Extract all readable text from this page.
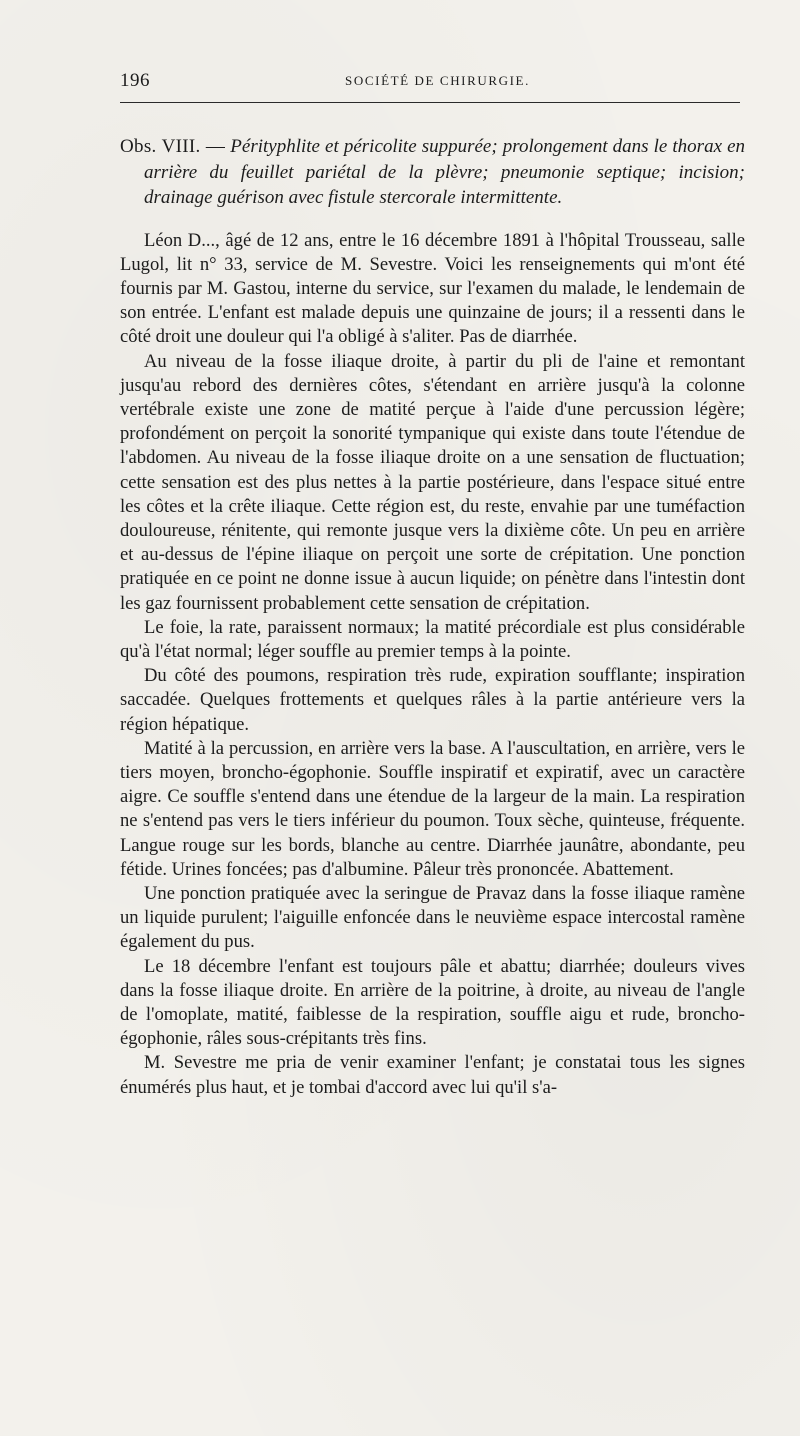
196	SOCIÉTÉ DE CHIRURGIE.
Obs. VIII. — Pérityphlite et péricolite suppurée; prolongement dans le thorax en arrière du feuillet pariétal de la plèvre; pneumonie septique; incision; drainage guérison avec fistule stercorale intermittente.

Léon D..., âgé de 12 ans, entre le 16 décembre 1891 à l'hôpital Trousseau, salle Lugol, lit n° 33, service de M. Sevestre. Voici les renseignements qui m'ont été fournis par M. Gastou, interne du service, sur l'examen du malade, le lendemain de son entrée. L'enfant est malade depuis une quinzaine de jours; il a ressenti dans le côté droit une douleur qui l'a obligé à s'aliter. Pas de diarrhée.

Au niveau de la fosse iliaque droite, à partir du pli de l'aine et remontant jusqu'au rebord des dernières côtes, s'étendant en arrière jusqu'à la colonne vertébrale existe une zone de matité perçue à l'aide d'une percussion légère; profondément on perçoit la sonorité tympanique qui existe dans toute l'étendue de l'abdomen. Au niveau de la fosse iliaque droite on a une sensation de fluctuation; cette sensation est des plus nettes à la partie postérieure, dans l'espace situé entre les côtes et la crête iliaque. Cette région est, du reste, envahie par une tuméfaction douloureuse, rénitente, qui remonte jusque vers la dixième côte. Un peu en arrière et au-dessus de l'épine iliaque on perçoit une sorte de crépitation. Une ponction pratiquée en ce point ne donne issue à aucun liquide; on pénètre dans l'intestin dont les gaz fournissent probablement cette sensation de crépitation.

Le foie, la rate, paraissent normaux; la matité précordiale est plus considérable qu'à l'état normal; léger souffle au premier temps à la pointe.

Du côté des poumons, respiration très rude, expiration soufflante; inspiration saccadée. Quelques frottements et quelques râles à la partie antérieure vers la région hépatique.

Matité à la percussion, en arrière vers la base. A l'auscultation, en arrière, vers le tiers moyen, broncho-égophonie. Souffle inspiratif et expiratif, avec un caractère aigre. Ce souffle s'entend dans une étendue de la largeur de la main. La respiration ne s'entend pas vers le tiers inférieur du poumon. Toux sèche, quinteuse, fréquente. Langue rouge sur les bords, blanche au centre. Diarrhée jaunâtre, abondante, peu fétide. Urines foncées; pas d'albumine. Pâleur très prononcée. Abattement.

Une ponction pratiquée avec la seringue de Pravaz dans la fosse iliaque ramène un liquide purulent; l'aiguille enfoncée dans le neuvième espace intercostal ramène également du pus.

Le 18 décembre l'enfant est toujours pâle et abattu; diarrhée; douleurs vives dans la fosse iliaque droite. En arrière de la poitrine, à droite, au niveau de l'angle de l'omoplate, matité, faiblesse de la respiration, souffle aigu et rude, broncho-égophonie, râles sous-crépitants très fins.

M. Sevestre me pria de venir examiner l'enfant; je constatai tous les signes énumérés plus haut, et je tombai d'accord avec lui qu'il s'a-
